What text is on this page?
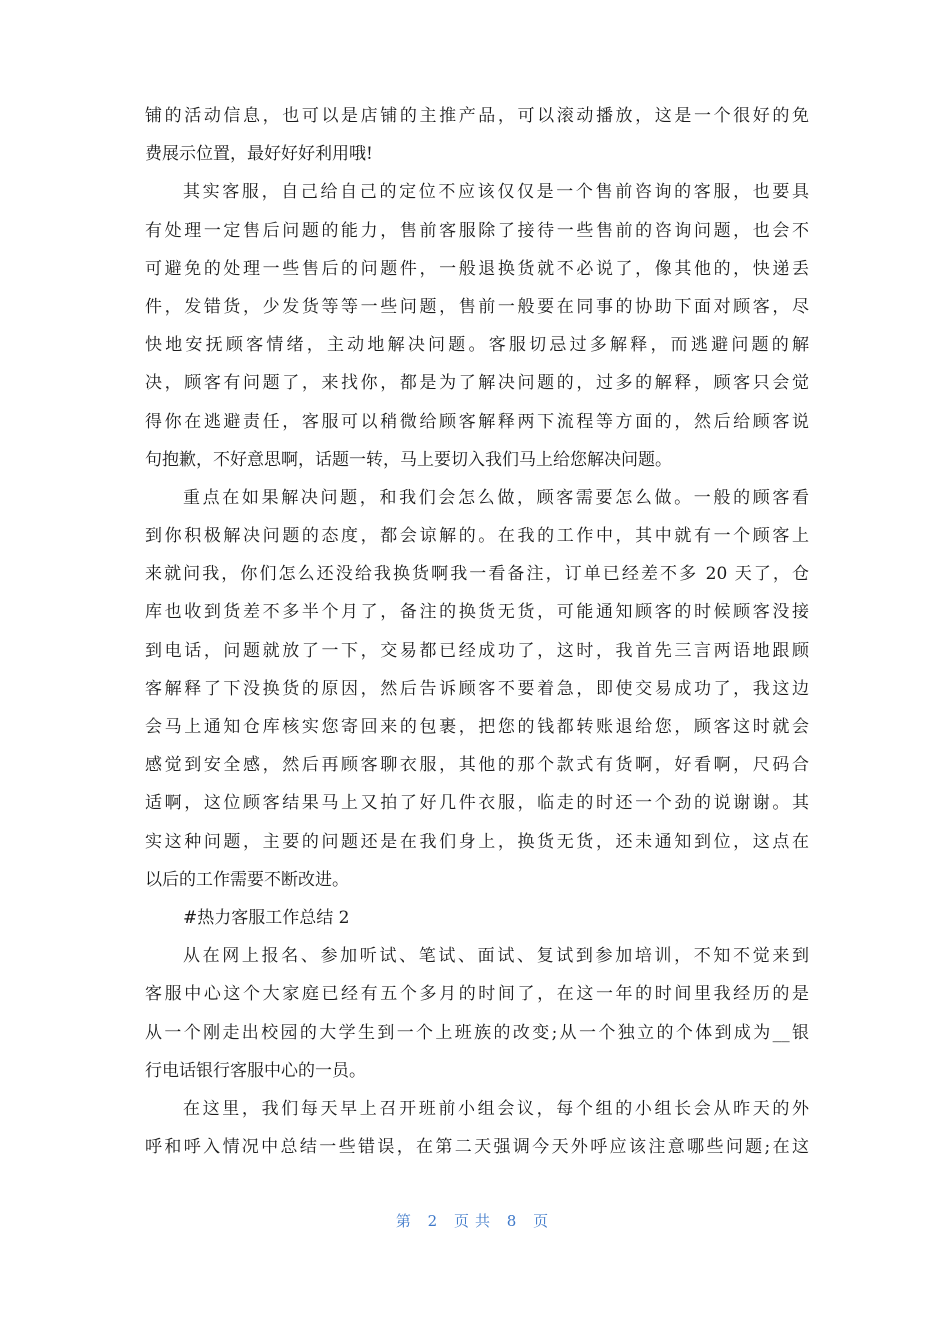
铺的活动信息，也可以是店铺的主推产品，可以滚动播放，这是一个很好的免
费展示位置，最好好好利用哦!
其实客服，自己给自己的定位不应该仅仅是一个售前咨询的客服，也要具
有处理一定售后问题的能力，售前客服除了接待一些售前的咨询问题，也会不
可避免的处理一些售后的问题件，一般退换货就不必说了，像其他的，快递丢
件，发错货，少发货等等一些问题，售前一般要在同事的协助下面对顾客，尽
快地安抚顾客情绪，主动地解决问题。客服切忌过多解释，而逃避问题的解
决，顾客有问题了，来找你，都是为了解决问题的，过多的解释，顾客只会觉
得你在逃避责任，客服可以稍微给顾客解释两下流程等方面的，然后给顾客说
句抱歉，不好意思啊，话题一转，马上要切入我们马上给您解决问题。
重点在如果解决问题，和我们会怎么做，顾客需要怎么做。一般的顾客看
到你积极解决问题的态度，都会谅解的。在我的工作中，其中就有一个顾客上
来就问我，你们怎么还没给我换货啊我一看备注，订单已经差不多 20 天了，仓
库也收到货差不多半个月了，备注的换货无货，可能通知顾客的时候顾客没接
到电话，问题就放了一下，交易都已经成功了，这时，我首先三言两语地跟顾
客解释了下没换货的原因，然后告诉顾客不要着急，即使交易成功了，我这边
会马上通知仓库核实您寄回来的包裹，把您的钱都转账退给您，顾客这时就会
感觉到安全感，然后再顾客聊衣服，其他的那个款式有货啊，好看啊，尺码合
适啊，这位顾客结果马上又拍了好几件衣服，临走的时还一个劲的说谢谢。其
实这种问题，主要的问题还是在我们身上，换货无货，还未通知到位，这点在
以后的工作需要不断改进。
#热力客服工作总结 2
从在网上报名、参加听试、笔试、面试、复试到参加培训，不知不觉来到
客服中心这个大家庭已经有五个多月的时间了，在这一年的时间里我经历的是
从一个刚走出校园的大学生到一个上班族的改变;从一个独立的个体到成为__银
行电话银行客服中心的一员。
在这里，我们每天早上召开班前小组会议，每个组的小组长会从昨天的外
呼和呼入情况中总结一些错误，在第二天强调今天外呼应该注意哪些问题;在这
第 2 页共 8 页
